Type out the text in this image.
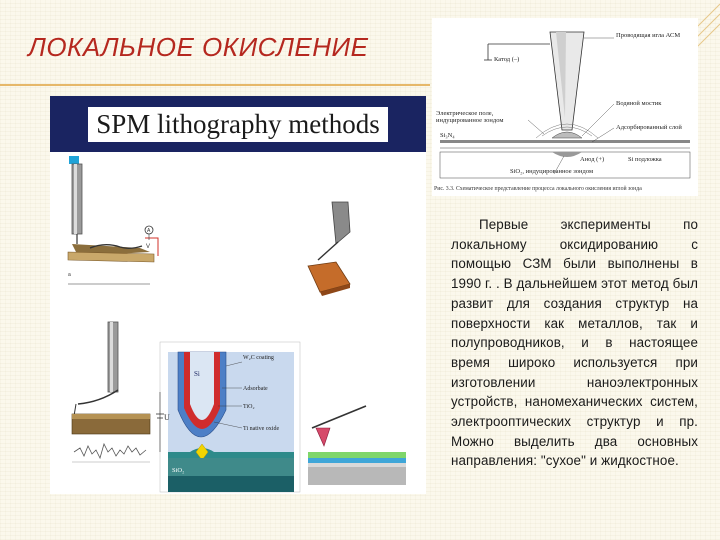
ЛОКАЛЬНОЕ ОКИСЛЕНИЕ
SPM lithography methods
A
V
a
Si
SiO₂
U
W₂C coating
Adsorbate
TiO₂
Ti native oxide
Катод (–)
Проводящая игла АСМ
Водяной мостик
Электрическое поле, индуцированное зондом
Адсорбированный слой
Si₃N₄
Анод (+)	Si подложка
SiO₂, индуцированное зондом
Рис. 3.3. Схематическое представление процесса локального окисления иглой зонда
Первые эксперименты по локальному оксидированию с помощью СЗМ были выполнены в 1990 г. . В дальнейшем этот метод был развит для создания структур на поверхности как металлов, так и полупроводников, и в настоящее время широко используется при изготовлении наноэлектронных устройств, наномеханических систем, электрооптических структур и пр. Можно выделить два основных направления: "сухое" и жидкостное.
